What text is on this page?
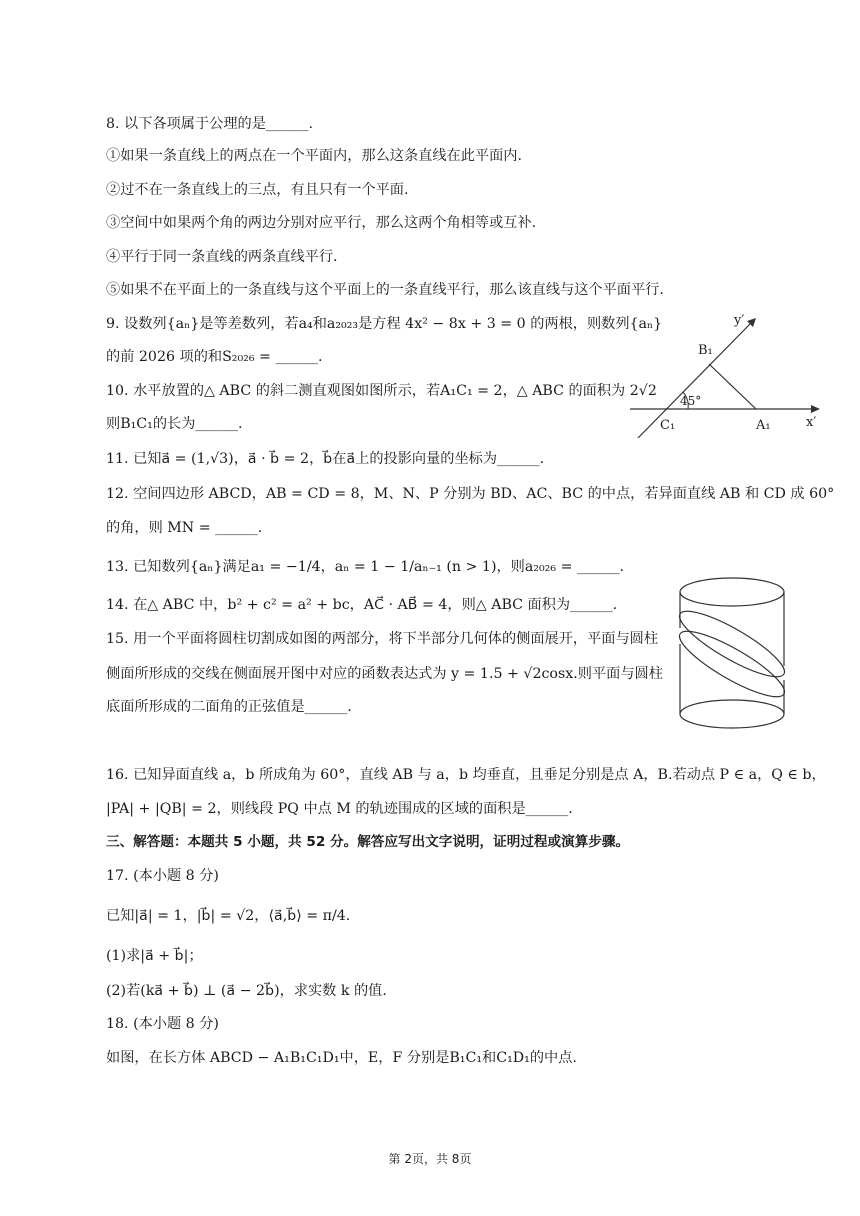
8. 以下各项属于公理的是______.
①如果一条直线上的两点在一个平面内，那么这条直线在此平面内.
②过不在一条直线上的三点，有且只有一个平面.
③空间中如果两个角的两边分别对应平行，那么这两个角相等或互补.
④平行于同一条直线的两条直线平行.
⑤如果不在平面上的一条直线与这个平面上的一条直线平行，那么该直线与这个平面平行.
9. 设数列{aₙ}是等差数列，若a₄和a₂₀₂₃是方程 4x² − 8x + 3 = 0 的两根，则数列{aₙ}
的前 2026 项的和S₂₀₂₆ = ______.
10. 水平放置的△ ABC 的斜二测直观图如图所示，若A₁C₁ = 2，△ ABC 的面积为 2√2
则B₁C₁的长为______.
11. 已知a⃗ = (1,√3)，a⃗ · b⃗ = 2，b⃗在a⃗上的投影向量的坐标为______.
12. 空间四边形 ABCD，AB = CD = 8，M、N、P 分别为 BD、AC、BC 的中点，若异面直线 AB 和 CD 成 60°
的角，则 MN = ______.
13. 已知数列{aₙ}满足a₁ = −1/4，aₙ = 1 − 1/aₙ₋₁ (n > 1)，则a₂₀₂₆ = ______.
14. 在△ ABC 中，b² + c² = a² + bc，AC⃗ · AB⃗ = 4，则△ ABC 面积为______.
15. 用一个平面将圆柱切割成如图的两部分，将下半部分几何体的侧面展开，平面与圆柱
侧面所形成的交线在侧面展开图中对应的函数表达式为 y = 1.5 + √2cosx.则平面与圆柱
底面所形成的二面角的正弦值是______.
16. 已知异面直线 a，b 所成角为 60°，直线 AB 与 a，b 均垂直，且垂足分别是点 A，B.若动点 P ∈ a，Q ∈ b，
|PA| + |QB| = 2，则线段 PQ 中点 M 的轨迹围成的区域的面积是______.
三、解答题：本题共 5 小题，共 52 分。解答应写出文字说明，证明过程或演算步骤。
17. (本小题 8 分)
已知|a⃗| = 1，|b⃗| = √2，⟨a⃗,b⃗⟩ = π/4.
(1)求|a⃗ + b⃗|；
(2)若(ka⃗ + b⃗) ⊥ (a⃗ − 2b⃗)，求实数 k 的值.
18. (本小题 8 分)
如图，在长方体 ABCD − A₁B₁C₁D₁中，E，F 分别是B₁C₁和C₁D₁的中点.
y′
B₁
45°
C₁	A₁	x′
第 2页，共 8页
